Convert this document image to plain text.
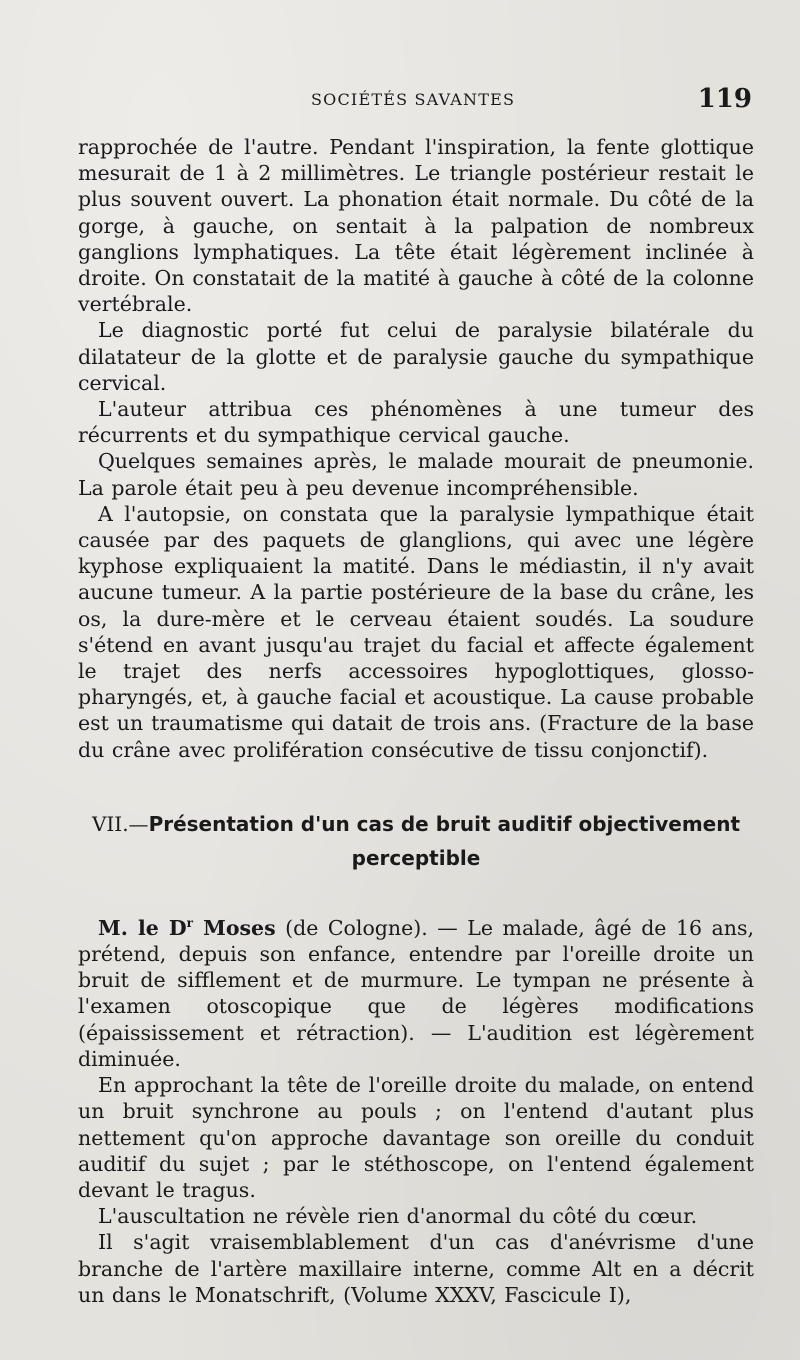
SOCIÉTÉS SAVANTES	119

rapprochée de l'autre. Pendant l'inspiration, la fente glottique mesurait de 1 à 2 millimètres. Le triangle postérieur restait le plus souvent ouvert. La phonation était normale. Du côté de la gorge, à gauche, on sentait à la palpation de nombreux ganglions lymphatiques. La tête était légèrement inclinée à droite. On constatait de la matité à gauche à côté de la colonne vertébrale.

Le diagnostic porté fut celui de paralysie bilatérale du dilatateur de la glotte et de paralysie gauche du sympathique cervical.

L'auteur attribua ces phénomènes à une tumeur des récurrents et du sympathique cervical gauche.

Quelques semaines après, le malade mourait de pneumonie. La parole était peu à peu devenue incompréhensible.

A l'autopsie, on constata que la paralysie lympathique était causée par des paquets de glanglions, qui avec une légère kyphose expliquaient la matité. Dans le médiastin, il n'y avait aucune tumeur. A la partie postérieure de la base du crâne, les os, la dure-mère et le cerveau étaient soudés. La soudure s'étend en avant jusqu'au trajet du facial et affecte également le trajet des nerfs accessoires hypoglottiques, glosso-pharyngés, et, à gauche facial et acoustique. La cause probable est un traumatisme qui datait de trois ans. (Fracture de la base du crâne avec prolifération consécutive de tissu conjonctif).

VII.—Présentation d'un cas de bruit auditif objectivement perceptible

M. le $D^r$ Moses (de Cologne). — Le malade, âgé de 16 ans, prétend, depuis son enfance, entendre par l'oreille droite un bruit de sifflement et de murmure. Le tympan ne présente à l'examen otoscopique que de légères modifications (épaississement et rétraction). — L'audition est légèrement diminuée.

En approchant la tête de l'oreille droite du malade, on entend un bruit synchrone au pouls ; on l'entend d'autant plus nettement qu'on approche davantage son oreille du conduit auditif du sujet ; par le stéthoscope, on l'entend également devant le tragus.

L'auscultation ne révèle rien d'anormal du côté du cœur.

Il s'agit vraisemblablement d'un cas d'anévrisme d'une branche de l'artère maxillaire interne, comme Alt en a décrit un dans le Monatschrift, (Volume XXXV, Fascicule I),
